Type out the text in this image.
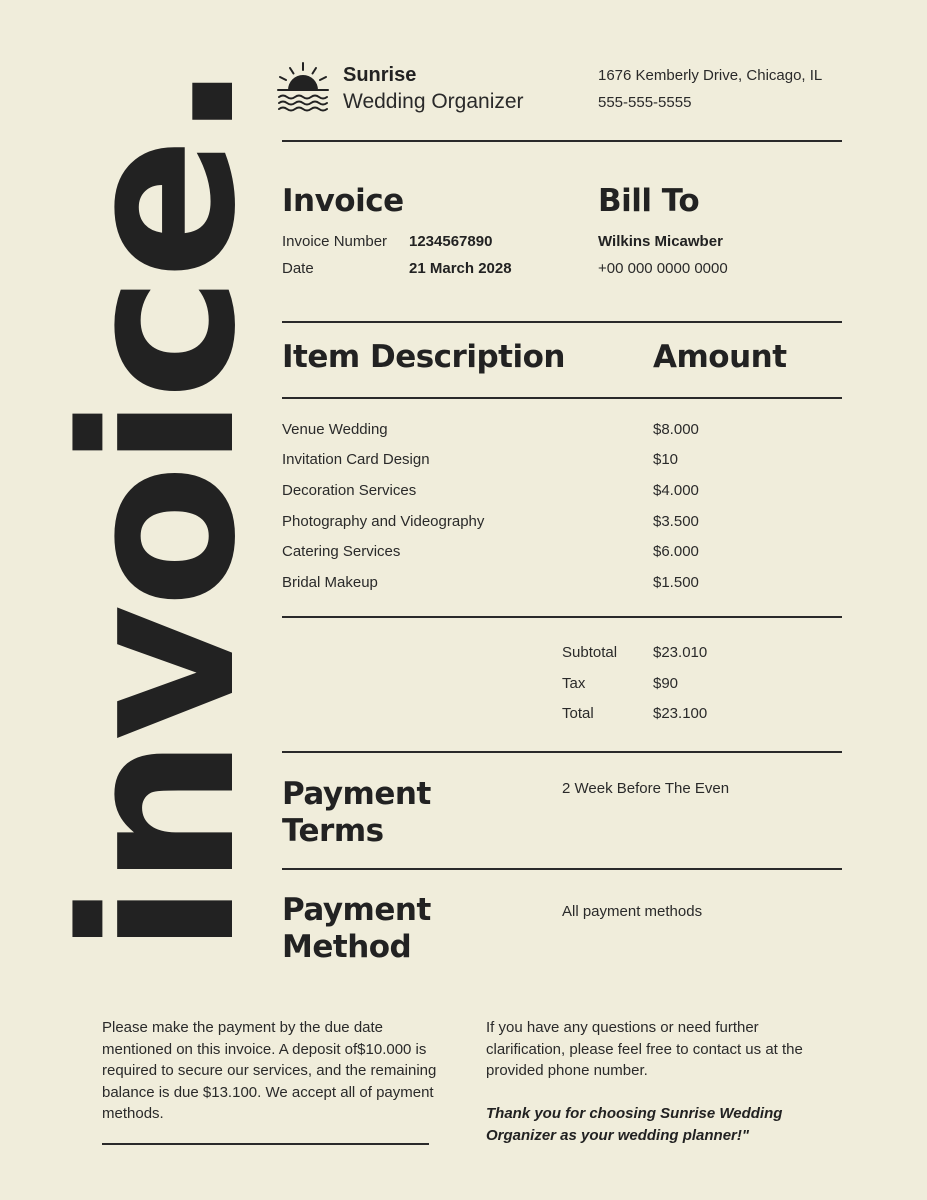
invoice.	Sunrise
Wedding Organizer
1676 Kemberly Drive, Chicago, IL
555-555-5555
Invoice
Invoice Number 1234567890
Date	21 March 2028
Bill To
Wilkins Micawber
+00 000 0000 0000
Item Description	Amount
Venue Wedding	$8.000
Invitation Card Design	$10
Decoration Services	$4.000
Photography and Videography	$3.500
Catering Services	$6.000
Bridal Makeup	$1.500
Subtotal $23.010
Tax	$90
Total	$23.100
Payment
Terms
2 Week Before The Even
Payment
Method
All payment methods
Please make the payment by the due date mentioned on this invoice. A deposit of$10.000 is required to secure our services, and the remaining balance is due $13.100. We accept all of payment methods.
If you have any questions or need further clarification, please feel free to contact us at the provided phone number.
Thank you for choosing Sunrise Wedding Organizer as your wedding planner!"
